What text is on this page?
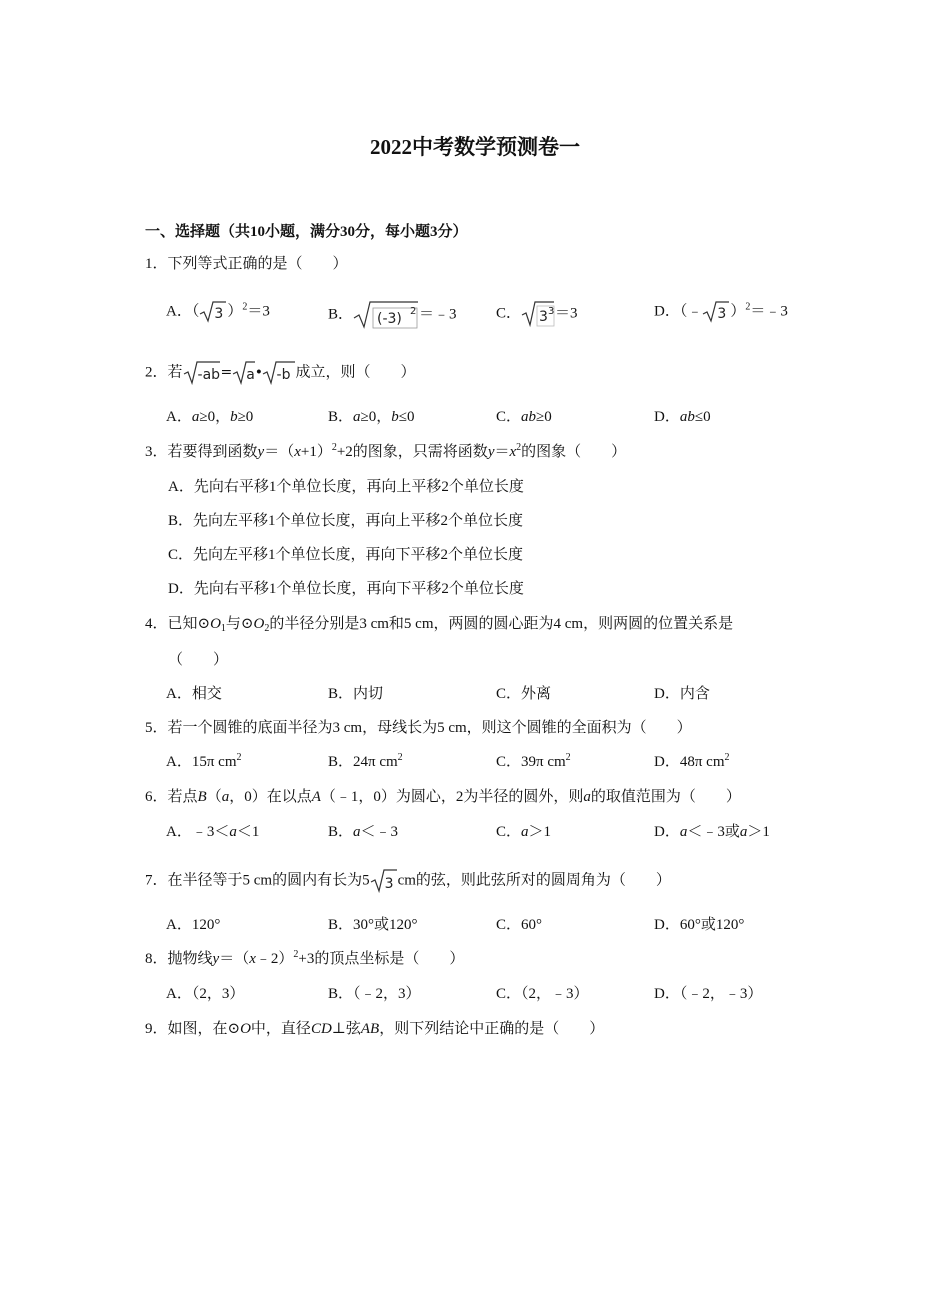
2022中考数学预测卷一
一、选择题（共10小题，满分30分，每小题3分）
1．下列等式正确的是（　　）
A．（ 3 ）$^2$＝3	B． (-3) 2 ＝﹣3	C． 3 3 ＝3	D．（﹣ 3 ）$^2$＝﹣3
2．若 -ab = a • -b 成立，则（　　）
A．a≥0，b≥0	B．a≥0，b≤0	C．ab≥0	D．ab≤0
3．若要得到函数$y=(x+1)^2+2$的图象，只需将函数$y=x^2$的图象（　　）
A．先向右平移1个单位长度，再向上平移2个单位长度
B．先向左平移1个单位长度，再向上平移2个单位长度
C．先向左平移1个单位长度，再向下平移2个单位长度
D．先向右平移1个单位长度，再向下平移2个单位长度
4．已知$⊙O_1$与$⊙O_2$的半径分别是3 cm和5 cm，两圆的圆心距为4 cm，则两圆的位置关系是
（　　）
A．相交	B．内切	C．外离	D．内含
5．若一个圆锥的底面半径为3 cm，母线长为5 cm，则这个圆锥的全面积为（　　）
A．15π $cm^2$	B．24π $cm^2$	C．39π $cm^2$	D．48π $cm^2$
6．若点B（a，0）在以点A（﹣1，0）为圆心，2为半径的圆外，则a的取值范围为（　　）
A．﹣3＜a＜1	B．a＜﹣3	C．a＞1	D．a＜﹣3或a＞1
7．在半径等于5 cm的圆内有长为5 3 cm的弦，则此弦所对的圆周角为（　　）
A．120°	B．30°或120°	C．60°	D．60°或120°
8．抛物线y＝（x﹣2）$^2$+3的顶点坐标是（　　）
A．（2，3）	B．（﹣2，3）	C．（2，﹣3）	D．（﹣2，﹣3）
9．如图，在⊙O中，直径CD⊥弦AB，则下列结论中正确的是（　　）
